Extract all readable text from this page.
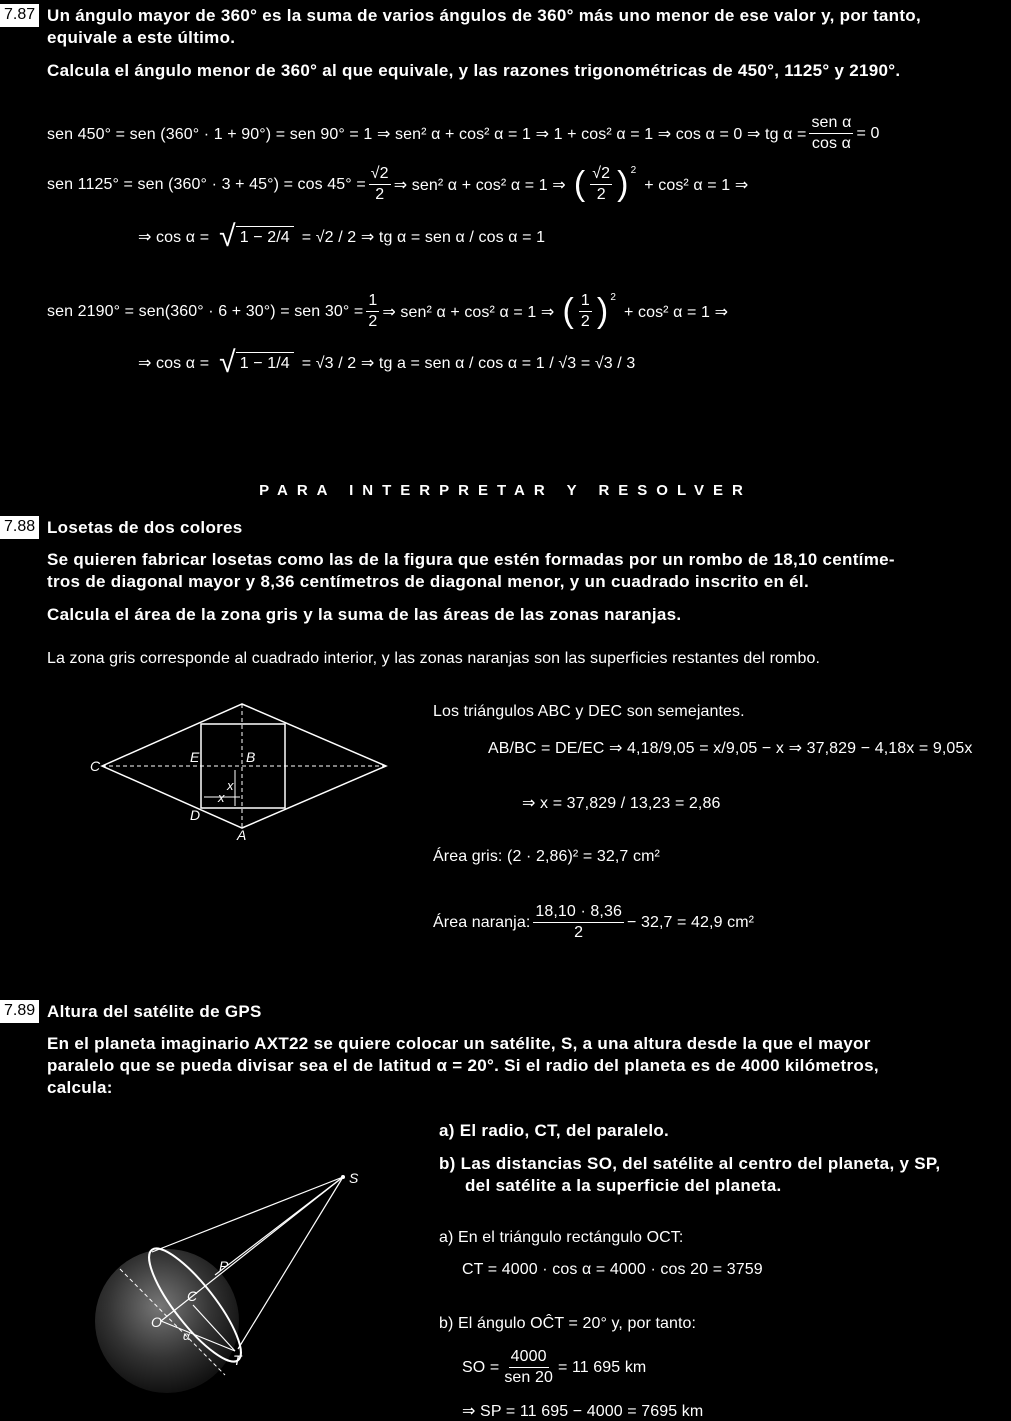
7.87 Un ángulo mayor de 360° es la suma de varios ángulos de 360° más uno menor de ese valor y, por tanto,
equivale a este último.
Calcula el ángulo menor de 360° al que equivale, y las razones trigonométricas de 450°, 1125° y 2190°.
sen 450° = sen (360° · 1 + 90°) = sen 90° = 1 ⇒ sen² α + cos² α = 1 ⇒ 1 + cos² α = 1 ⇒ cos α = 0 ⇒ tg $\alpha = \frac{\text{sen α}}{\text{cos α}} = 0$
sen 1125° = sen $(360^\circ \cdot 3 + 45^\circ) = \cos 45^\circ = \frac{√2}{2}$ ⇒ sen² α + cos² α = 1 ⇒ ( $\frac{√2}{2}$ ) 2
+ cos² α = 1 ⇒
⇒ cos α = √ 1 − 2/4 = √2 / 2 ⇒ tg α = sen α / cos α = 1
sen 2190° = sen(360° · 6 + 30°) = sen $30^\circ = \frac{1}{2}$ ⇒ sen² α + cos² α = 1 ⇒ ( $\frac{1}{2}$ ) 2
+ cos² α = 1 ⇒
⇒ cos α = √ 1 − 1/4 = √3 / 2 ⇒ tg a = sen α / cos α = 1 / √3 = √3 / 3
PARA INTERPRETAR Y RESOLVER
7.88 Losetas de dos colores
Se quieren fabricar losetas como las de la figura que estén formadas por un rombo de 18,10 centíme-
tros de diagonal mayor y 8,36 centímetros de diagonal menor, y un cuadrado inscrito en él.
Calcula el área de la zona gris y la suma de las áreas de las zonas naranjas.
La zona gris corresponde al cuadrado interior, y las zonas naranjas son las superficies restantes del rombo.
C
E	B
D
A
x
x
Los triángulos ABC y DEC son semejantes.
AB/BC = DE/EC ⇒ 4,18/9,05 = x/9,05 − x ⇒ 37,829 − 4,18x = 9,05x
⇒ x = 37,829 / 13,23 = 2,86
Área gris: (2 · 2,86)² = 32,7 cm²
Área naranja: $\frac{18,10 \cdot 8,36}{2} - 32,7 = 42,9$ cm²
7.89 Altura del satélite de GPS
En el planeta imaginario AXT22 se quiere colocar un satélite, S, a una altura desde la que el mayor
paralelo que se pueda divisar sea el de latitud α = 20°. Si el radio del planeta es de 4000 kilómetros,
calcula:
a) El radio, CT, del paralelo.
b) Las distancias SO, del satélite al centro del planeta, y SP,
del satélite a la superficie del planeta.
S
P
C
O
T
α
a) En el triángulo rectángulo OCT:
CT = 4000 · cos α = 4000 · cos 20 = 3759
b) El ángulo OĈT = 20° y, por tanto:
SO = $\frac{4000}{\text{sen 20}} = 11$ 695 km
⇒ SP = 11 695 − 4000 = 7695 km
